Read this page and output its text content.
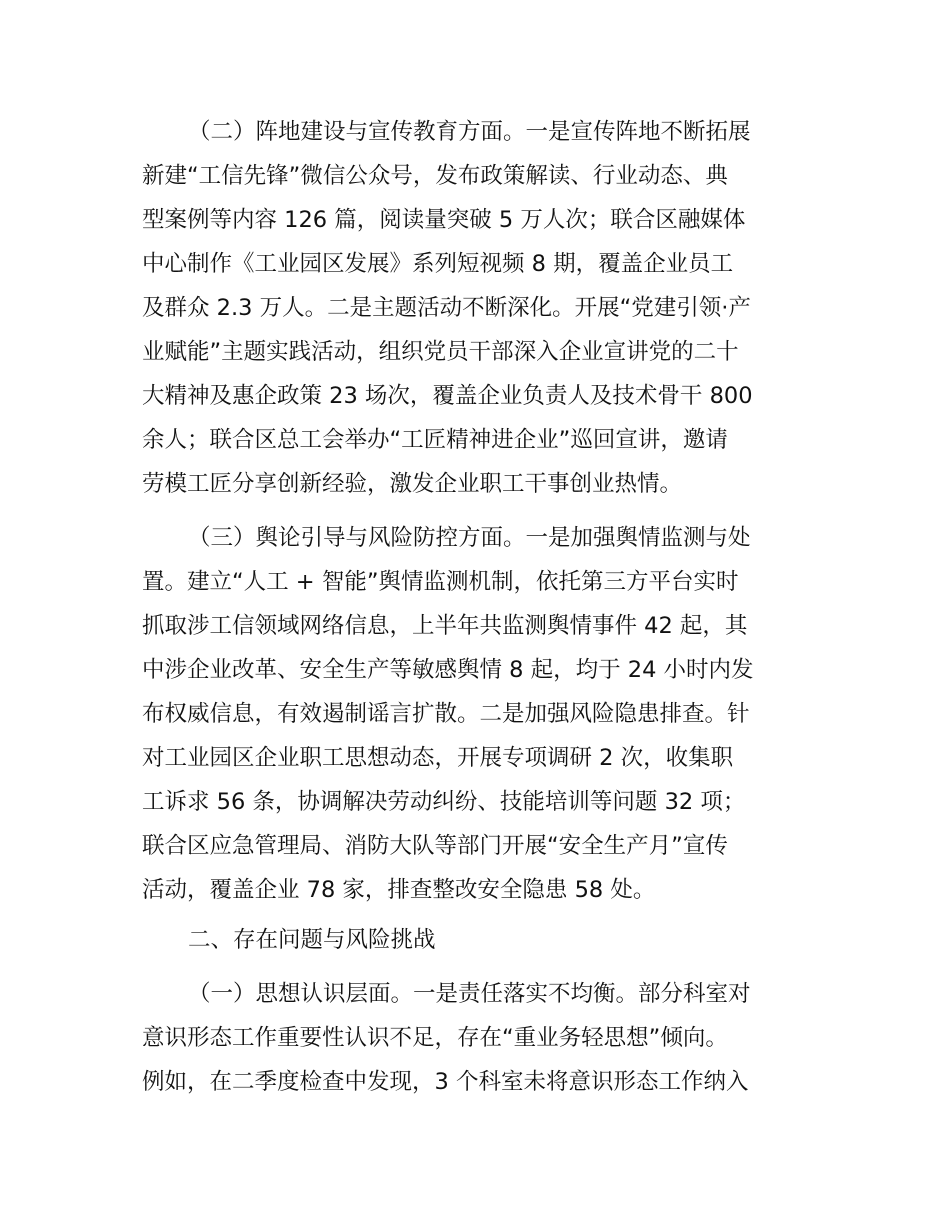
（二）阵地建设与宣传教育方面。一是宣传阵地不断拓展
新建“工信先锋”微信公众号，发布政策解读、行业动态、典
型案例等内容 126 篇，阅读量突破 5 万人次；联合区融媒体
中心制作《工业园区发展》系列短视频 8 期，覆盖企业员工
及群众 2.3 万人。二是主题活动不断深化。开展“党建引领·产
业赋能”主题实践活动，组织党员干部深入企业宣讲党的二十
大精神及惠企政策 23 场次，覆盖企业负责人及技术骨干 800
余人；联合区总工会举办“工匠精神进企业”巡回宣讲，邀请
劳模工匠分享创新经验，激发企业职工干事创业热情。
（三）舆论引导与风险防控方面。一是加强舆情监测与处
置。建立“人工 + 智能”舆情监测机制，依托第三方平台实时
抓取涉工信领域网络信息，上半年共监测舆情事件 42 起，其
中涉企业改革、安全生产等敏感舆情 8 起，均于 24 小时内发
布权威信息，有效遏制谣言扩散。二是加强风险隐患排查。针
对工业园区企业职工思想动态，开展专项调研 2 次，收集职
工诉求 56 条，协调解决劳动纠纷、技能培训等问题 32 项；
联合区应急管理局、消防大队等部门开展“安全生产月”宣传
活动，覆盖企业 78 家，排查整改安全隐患 58 处。
二、存在问题与风险挑战
（一）思想认识层面。一是责任落实不均衡。部分科室对
意识形态工作重要性认识不足，存在“重业务轻思想”倾向。
例如，在二季度检查中发现，3 个科室未将意识形态工作纳入
